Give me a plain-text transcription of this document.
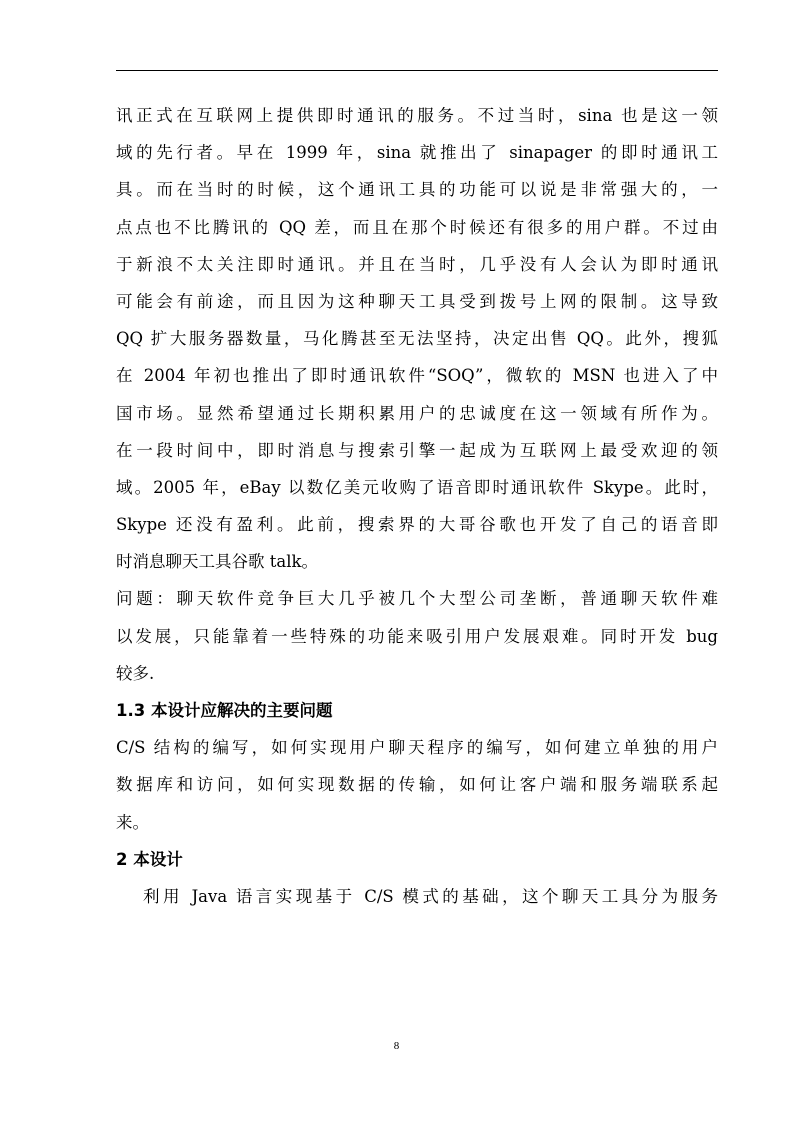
讯正式在互联网上提供即时通讯的服务。不过当时，sina 也是这一领
域的先行者。早在 1999 年，sina 就推出了 sinapager 的即时通讯工
具。而在当时的时候，这个通讯工具的功能可以说是非常强大的，一
点点也不比腾讯的 QQ 差，而且在那个时候还有很多的用户群。不过由
于新浪不太关注即时通讯。并且在当时，几乎没有人会认为即时通讯
可能会有前途，而且因为这种聊天工具受到拨号上网的限制。这导致
QQ 扩大服务器数量，马化腾甚至无法坚持，决定出售 QQ。此外，搜狐
在 2004 年初也推出了即时通讯软件“SOQ”，微软的 MSN 也进入了中
国市场。显然希望通过长期积累用户的忠诚度在这一领域有所作为。
在一段时间中，即时消息与搜索引擎一起成为互联网上最受欢迎的领
域。2005 年，eBay 以数亿美元收购了语音即时通讯软件 Skype。此时，
Skype 还没有盈利。此前，搜索界的大哥谷歌也开发了自己的语音即
时消息聊天工具谷歌 talk。
问题：聊天软件竞争巨大几乎被几个大型公司垄断，普通聊天软件难
以发展，只能靠着一些特殊的功能来吸引用户发展艰难。同时开发 bug
较多.
1.3 本设计应解决的主要问题
C/S 结构的编写，如何实现用户聊天程序的编写，如何建立单独的用户
数据库和访问，如何实现数据的传输，如何让客户端和服务端联系起
来。
2 本设计
利用 Java 语言实现基于 C/S 模式的基础，这个聊天工具分为服务
8
